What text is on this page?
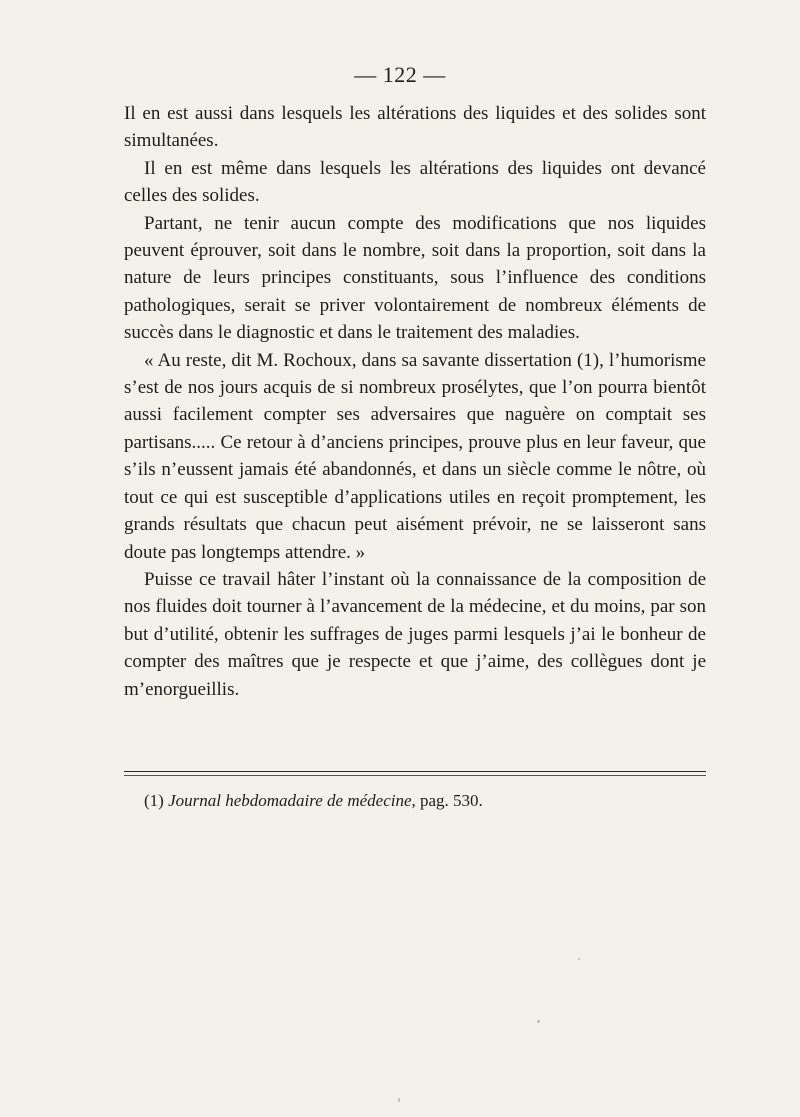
— 122 —

Il en est aussi dans lesquels les altérations des liquides et des solides sont simultanées.

Il en est même dans lesquels les altérations des liquides ont devancé celles des solides.

Partant, ne tenir aucun compte des modifications que nos liquides peuvent éprouver, soit dans le nombre, soit dans la proportion, soit dans la nature de leurs principes constituants, sous l’influence des conditions pathologiques, serait se priver volontairement de nombreux éléments de succès dans le diagnostic et dans le traitement des maladies.

« Au reste, dit M. Rochoux, dans sa savante dissertation (1), l’humorisme s’est de nos jours acquis de si nombreux prosélytes, que l’on pourra bientôt aussi facilement compter ses adversaires que naguère on comptait ses partisans..... Ce retour à d’anciens principes, prouve plus en leur faveur, que s’ils n’eussent jamais été abandonnés, et dans un siècle comme le nôtre, où tout ce qui est susceptible d’applications utiles en reçoit promptement, les grands résultats que chacun peut aisément prévoir, ne se laisseront sans doute pas longtemps attendre. »

Puisse ce travail hâter l’instant où la connaissance de la composition de nos fluides doit tourner à l’avancement de la médecine, et du moins, par son but d’utilité, obtenir les suffrages de juges parmi lesquels j’ai le bonheur de compter des maîtres que je respecte et que j’aime, des collègues dont je m’enorgueillis.

(1) Journal hebdomadaire de médecine, pag. 530.
